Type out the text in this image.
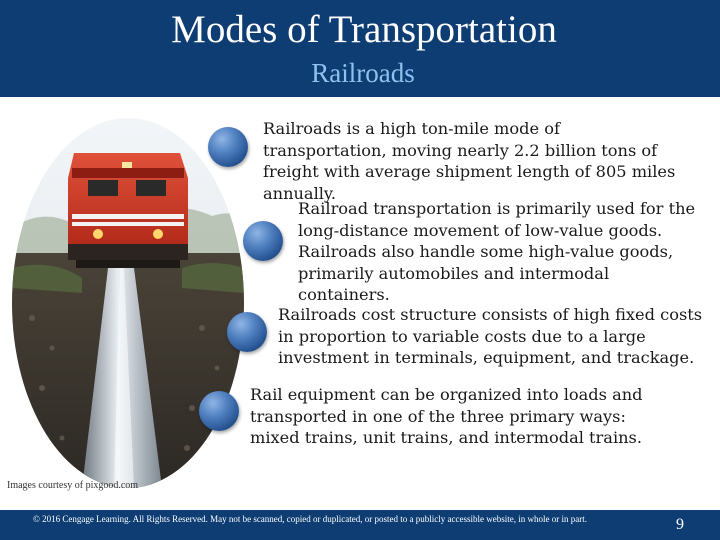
Modes of Transportation
Railroads
Railroads is a high ton-mile mode of transportation, moving nearly 2.2 billion tons of freight with average shipment length of 805 miles annually.
Railroad transportation is primarily used for the long-distance movement of low-value goods. Railroads also handle some high-value goods, primarily automobiles and intermodal containers.
Railroads cost structure consists of high fixed costs in proportion to variable costs due to a large investment in terminals, equipment, and trackage.
Rail equipment can be organized into loads and transported in one of the three primary ways: mixed trains, unit trains, and intermodal trains.
Images courtesy of pixgood.com
© 2016 Cengage Learning. All Rights Reserved. May not be scanned, copied or duplicated, or posted to a publicly accessible website, in whole or in part.	9
